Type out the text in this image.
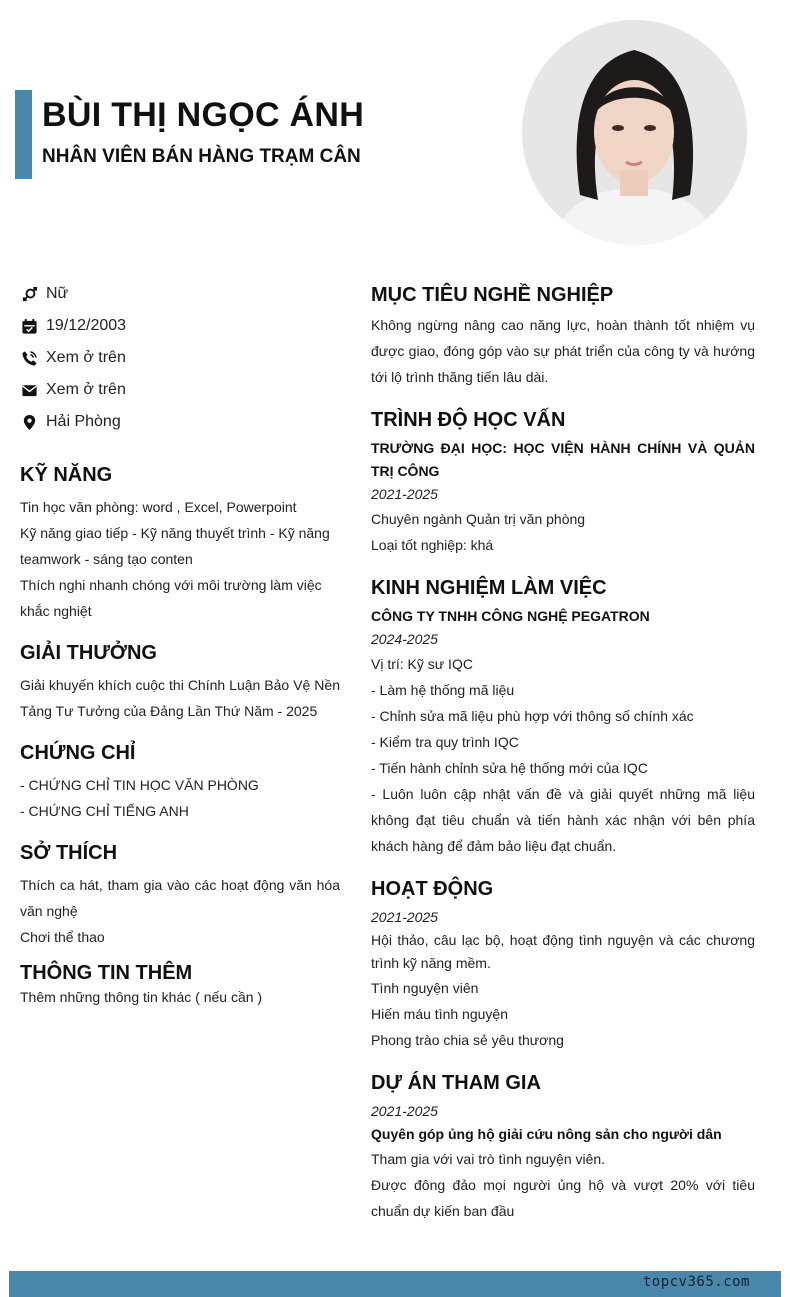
BÙI THỊ NGỌC ÁNH
NHÂN VIÊN BÁN HÀNG TRẠM CÂN
Nữ
19/12/2003
Xem ở trên
Xem ở trên
Hải Phòng
KỸ NĂNG
Tin học văn phòng: word , Excel, Powerpoint
Kỹ năng giao tiếp - Kỹ năng thuyết trình - Kỹ năng teamwork - sáng tạo conten
Thích nghi nhanh chóng với môi trường làm việc khắc nghiệt
GIẢI THƯỞNG
Giải khuyến khích cuộc thi Chính Luận Bảo Vệ Nền Tảng Tư Tưởng của Đảng Lần Thứ Năm - 2025
CHỨNG CHỈ
- CHỨNG CHỈ TIN HỌC VĂN PHÒNG
- CHỨNG CHỈ TIẾNG ANH
SỞ THÍCH
Thích ca hát, tham gia vào các hoạt động văn hóa văn nghệ
Chơi thể thao
THÔNG TIN THÊM
Thêm những thông tin khác ( nếu cần )
MỤC TIÊU NGHỀ NGHIỆP
Không ngừng nâng cao năng lực, hoàn thành tốt nhiệm vụ được giao, đóng góp vào sự phát triển của công ty và hướng tới lộ trình thăng tiến lâu dài.
TRÌNH ĐỘ HỌC VẤN
TRƯỜNG ĐẠI HỌC: HỌC VIỆN HÀNH CHÍNH VÀ QUẢN TRỊ CÔNG
2021-2025
Chuyên ngành Quản trị văn phòng
Loại tốt nghiệp: khá
KINH NGHIỆM LÀM VIỆC
CÔNG TY TNHH CÔNG NGHỆ PEGATRON
2024-2025
Vị trí: Kỹ sư IQC
- Làm hệ thống mã liệu
- Chỉnh sửa mã liệu phù hợp với thông số chính xác
- Kiểm tra quy trình IQC
- Tiến hành chỉnh sửa hệ thống mới của IQC
- Luôn luôn cập nhật vấn đề và giải quyết những mã liệu không đạt tiêu chuẩn và tiến hành xác nhận với bên phía khách hàng để đảm bảo liệu đạt chuẩn.
HOẠT ĐỘNG
2021-2025
Hội thảo, câu lạc bộ, hoạt động tình nguyện và các chương trình kỹ năng mềm.
Tình nguyện viên
Hiến máu tình nguyện
Phong trào chia sẻ yêu thương
DỰ ÁN THAM GIA
2021-2025
Quyên góp ủng hộ giải cứu nông sản cho người dân
Tham gia với vai trò tình nguyện viên.
Được đông đảo mọi người ủng hộ và vượt 20% với tiêu chuẩn dự kiến ban đầu
topcv365.com
